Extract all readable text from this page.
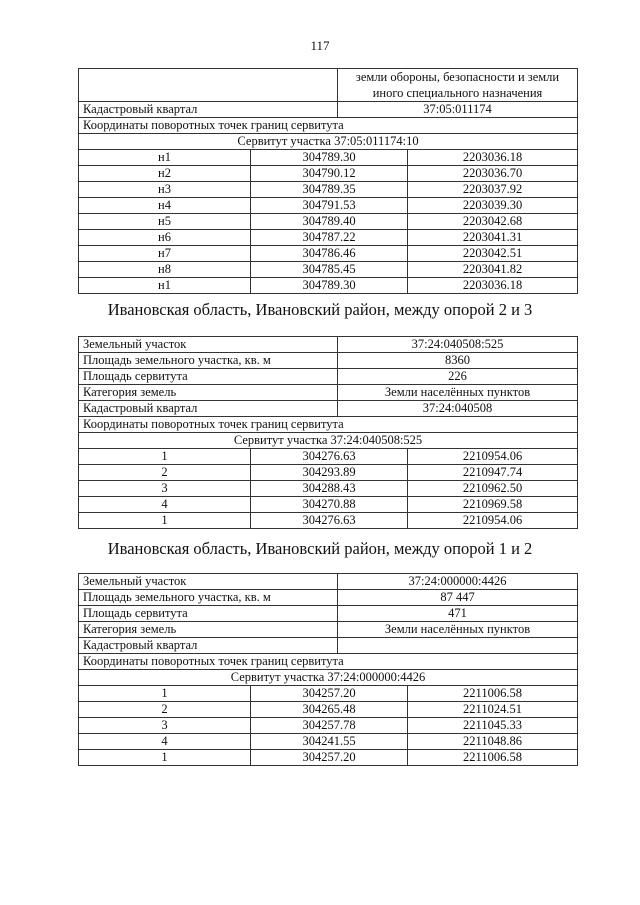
117
		земли обороны, безопасности и земли иного специального назначения	
Кадастровый квартал		37:05:011174	
Координаты поворотных точек границ сервитута			
Сервитут участка 37:05:011174:10			
н1	304789.30		2203036.18
н2	304790.12		2203036.70
н3	304789.35		2203037.92
н4	304791.53		2203039.30
н5	304789.40		2203042.68
н6	304787.22		2203041.31
н7	304786.46		2203042.51
н8	304785.45		2203041.82
н1	304789.30		2203036.18
Ивановская область, Ивановский район, между опорой 2 и 3
Земельный участок		37:24:040508:525	
Площадь земельного участка, кв. м		8360	
Площадь сервитута		226	
Категория земель		Земли населённых пунктов	
Кадастровый квартал		37:24:040508	
Координаты поворотных точек границ сервитута			
Сервитут участка 37:24:040508:525			
1	304276.63		2210954.06
2	304293.89		2210947.74
3	304288.43		2210962.50
4	304270.88		2210969.58
1	304276.63		2210954.06
Ивановская область, Ивановский район, между опорой 1 и 2
Земельный участок		37:24:000000:4426	
Площадь земельного участка, кв. м		87 447	
Площадь сервитута		471	
Категория земель		Земли населённых пунктов	
Кадастровый квартал			
Координаты поворотных точек границ сервитута			
Сервитут участка 37:24:000000:4426			
1	304257.20		2211006.58
2	304265.48		2211024.51
3	304257.78		2211045.33
4	304241.55		2211048.86
1	304257.20		2211006.58
